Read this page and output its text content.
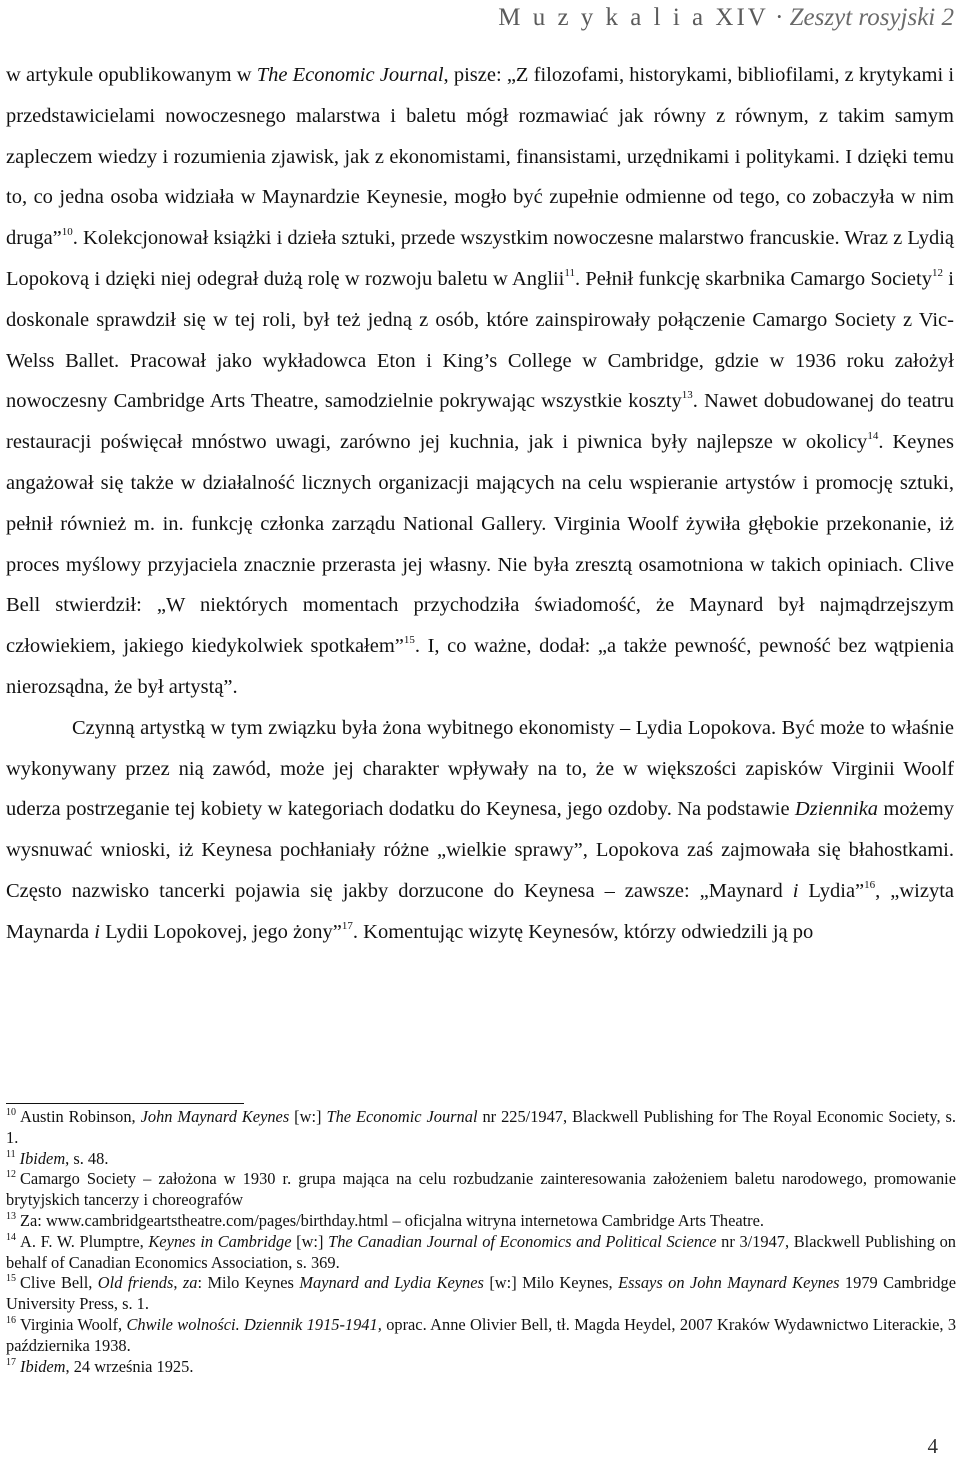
M u z y k a l i a XIV · Zeszyt rosyjski 2

w artykule opublikowanym w The Economic Journal, pisze: „Z filozofami, historykami, bibliofilami, z krytykami i przedstawicielami nowoczesnego malarstwa i baletu mógł rozmawiać jak równy z równym, z takim samym zapleczem wiedzy i rozumienia zjawisk, jak z ekonomistami, finansistami, urzędnikami i politykami. I dzięki temu to, co jedna osoba widziała w Maynardzie Keynesie, mogło być zupełnie odmienne od tego, co zobaczyła w nim druga”$^{10}$. Kolekcjonował książki i dzieła sztuki, przede wszystkim nowoczesne malarstwo francuskie. Wraz z Lydią Lopokovą i dzięki niej odegrał dużą rolę w rozwoju baletu w Anglii$^{11}$. Pełnił funkcję skarbnika Camargo Society$^{12}$ i doskonale sprawdził się w tej roli, był też jedną z osób, które zainspirowały połączenie Camargo Society z Vic-Welss Ballet. Pracował jako wykładowca Eton i King’s College w Cambridge, gdzie w 1936 roku założył nowoczesny Cambridge Arts Theatre, samodzielnie pokrywając wszystkie koszty$^{13}$. Nawet dobudowanej do teatru restauracji poświęcał mnóstwo uwagi, zarówno jej kuchnia, jak i piwnica były najlepsze w okolicy$^{14}$. Keynes angażował się także w działalność licznych organizacji mających na celu wspieranie artystów i promocję sztuki, pełnił również m. in. funkcję członka zarządu National Gallery. Virginia Woolf żywiła głębokie przekonanie, iż proces myślowy przyjaciela znacznie przerasta jej własny. Nie była zresztą osamotniona w takich opiniach. Clive Bell stwierdził: „W niektórych momentach przychodziła świadomość, że Maynard był najmądrzejszym człowiekiem, jakiego kiedykolwiek spotkałem”$^{15}$. I, co ważne, dodał: „a także pewność, pewność bez wątpienia nierozsądna, że był artystą”.

Czynną artystką w tym związku była żona wybitnego ekonomisty – Lydia Lopokova. Być może to właśnie wykonywany przez nią zawód, może jej charakter wpływały na to, że w większości zapisków Virginii Woolf uderza postrzeganie tej kobiety w kategoriach dodatku do Keynesa, jego ozdoby. Na podstawie Dziennika możemy wysnuwać wnioski, iż Keynesa pochłaniały różne „wielkie sprawy”, Lopokova zaś zajmowała się błahostkami. Często nazwisko tancerki pojawia się jakby dorzucone do Keynesa – zawsze: „Maynard i Lydia”$^{16}$, „wizyta Maynarda i Lydii Lopokovej, jego żony”$^{17}$. Komentując wizytę Keynesów, którzy odwiedzili ją po

$^{10}$ Austin Robinson, John Maynard Keynes [w:] The Economic Journal nr 225/1947, Blackwell Publishing for The Royal Economic Society, s. 1.

$^{11}$ Ibidem, s. 48.

$^{12}$ Camargo Society – założona w 1930 r. grupa mająca na celu rozbudzanie zainteresowania założeniem baletu narodowego, promowanie brytyjskich tancerzy i choreografów

$^{13}$ Za: www.cambridgeartstheatre.com/pages/birthday.html – oficjalna witryna internetowa Cambridge Arts Theatre.

$^{14}$ A. F. W. Plumptre, Keynes in Cambridge [w:] The Canadian Journal of Economics and Political Science nr 3/1947, Blackwell Publishing on behalf of Canadian Economics Association, s. 369.

$^{15}$ Clive Bell, Old friends, za: Milo Keynes Maynard and Lydia Keynes [w:] Milo Keynes, Essays on John Maynard Keynes 1979 Cambridge University Press, s. 1.

$^{16}$ Virginia Woolf, Chwile wolności. Dziennik 1915-1941, oprac. Anne Olivier Bell, tł. Magda Heydel, 2007 Kraków Wydawnictwo Literackie, 3 października 1938.

$^{17}$ Ibidem, 24 września 1925.

4
